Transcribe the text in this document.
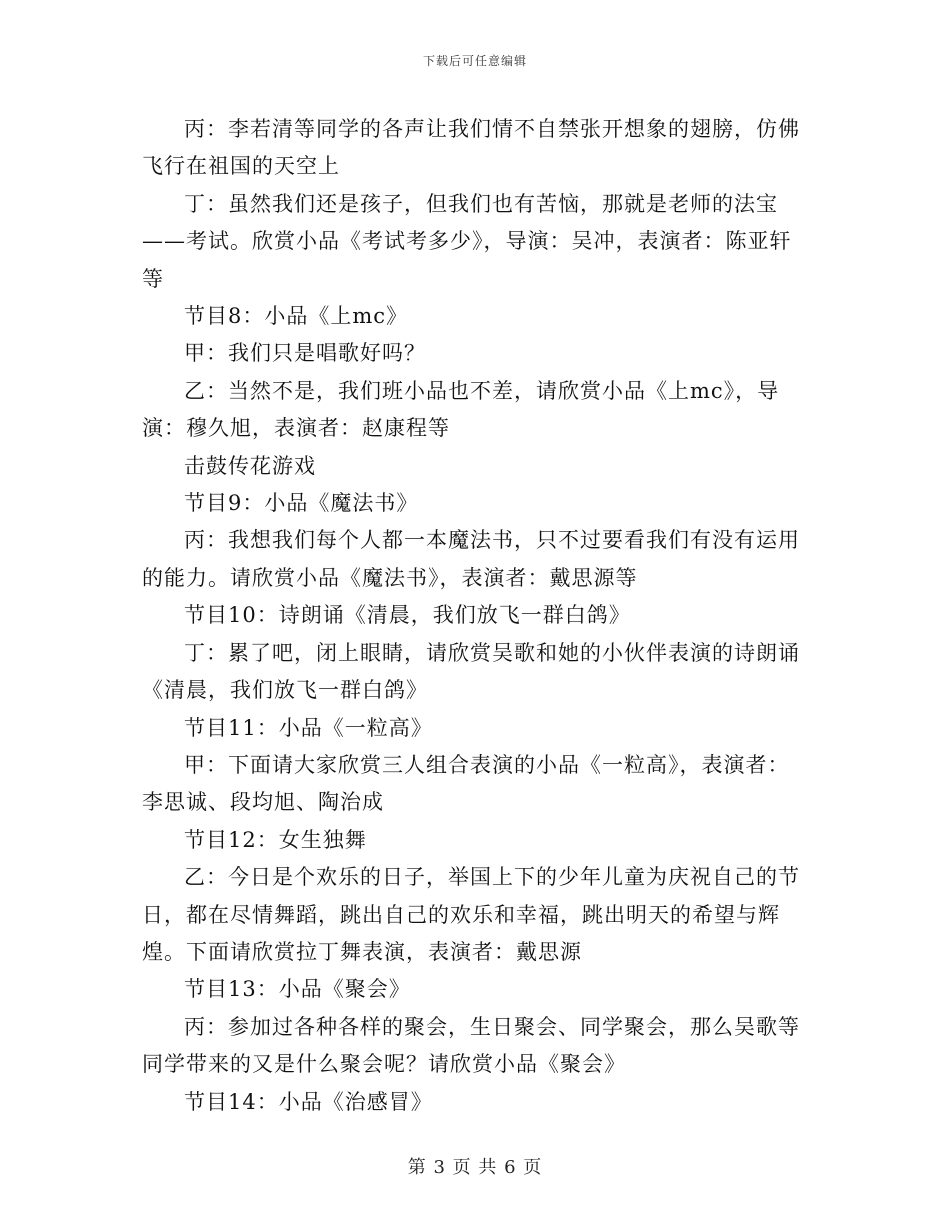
下载后可任意编辑

丙：李若清等同学的各声让我们情不自禁张开想象的翅膀，仿佛飞行在祖国的天空上

丁：虽然我们还是孩子，但我们也有苦恼，那就是老师的法宝——考试。欣赏小品《考试考多少》，导演：吴冲，表演者：陈亚轩等

节目8：小品《上mc》

甲：我们只是唱歌好吗？

乙：当然不是，我们班小品也不差，请欣赏小品《上mc》，导演：穆久旭，表演者：赵康程等

击鼓传花游戏

节目9：小品《魔法书》

丙：我想我们每个人都一本魔法书，只不过要看我们有没有运用的能力。请欣赏小品《魔法书》，表演者：戴思源等

节目10：诗朗诵《清晨，我们放飞一群白鸽》

丁：累了吧，闭上眼睛，请欣赏吴歌和她的小伙伴表演的诗朗诵《清晨，我们放飞一群白鸽》

节目11：小品《一粒高》

甲：下面请大家欣赏三人组合表演的小品《一粒高》，表演者：李思诚、段均旭、陶治成

节目12：女生独舞

乙：今日是个欢乐的日子，举国上下的少年儿童为庆祝自己的节日，都在尽情舞蹈，跳出自己的欢乐和幸福，跳出明天的希望与辉煌。下面请欣赏拉丁舞表演，表演者：戴思源

节目13：小品《聚会》

丙：参加过各种各样的聚会，生日聚会、同学聚会，那么吴歌等同学带来的又是什么聚会呢？请欣赏小品《聚会》

节目14：小品《治感冒》

第 3 页 共 6 页
